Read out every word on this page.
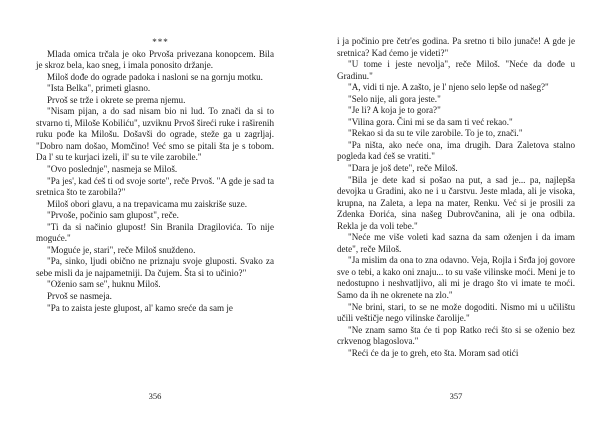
***

Mlada omica trčala je oko Prvoša privezana konopcem. Bila je skroz bela, kao sneg, i imala ponosito držanje.

Miloš dođe do ograde padoka i nasloni se na gornju motku.

"Ista Belka", primeti glasno.

Prvoš se trže i okrete se prema njemu.

"Nisam pijan, a do sad nisam bio ni lud. To znači da si to stvarno ti, Miloše Kobiliću", uzviknu Prvoš šireći ruke i raširenih ruku pođe ka Milošu. Došavši do ograde, steže ga u zagrljaj. "Dobro nam došao, Momčino! Već smo se pitali šta je s tobom. Da l' su te kurjaci izeli, il' su te vile zarobile."

"Ovo poslednje", nasmeja se Miloš.

"Pa jes', kad ćeš ti od svoje sorte", reče Prvoš. "A gde je sad ta sretnica što te zarobila?"

Miloš obori glavu, a na trepavicama mu zaiskriše suze.

"Prvoše, počinio sam glupost", reče.

"Ti da si načinio glupost! Sin Branila Dragilovića. To nije moguće."

"Moguće je, stari", reče Miloš snuždeno.

"Pa, sinko, ljudi obično ne priznaju svoje gluposti. Svako za sebe misli da je najpametniji. Da čujem. Šta si to učinio?"

"Oženio sam se", huknu Miloš.

Prvoš se nasmeja.

"Pa to zaista jeste glupost, al' kamo sreće da sam je

356

i ja počinio pre četr'es godina. Pa sretno ti bilo junače! A gde je sretnica? Kad ćemo je videti?"

"U tome i jeste nevolja", reče Miloš. "Neće da dođe u Gradinu."

"A, vidi ti nje. A zašto, je l' njeno selo lepše od našeg?"

"Selo nije, ali gora jeste."

"Je li? A koja je to gora?"

"Vilina gora. Čini mi se da sam ti već rekao."

"Rekao si da su te vile zarobile. To je to, znači."

"Pa ništa, ako neće ona, ima drugih. Dara Zaletova stalno pogleda kad ćeš se vratiti."

"Dara je još dete", reče Miloš.

"Bila je dete kad si pošao na put, a sad je... pa, najlepša devojka u Gradini, ako ne i u čarstvu. Jeste mlada, ali je visoka, krupna, na Zaleta, a lepa na mater, Renku. Već si je prosili za Zdenka Đorića, sina našeg Dubrovčanina, ali je ona odbila. Rekla je da voli tebe."

"Neće me više voleti kad sazna da sam oženjen i da imam dete", reče Miloš.

"Ja mislim da ona to zna odavno. Veja, Rojla i Srđa joj govore sve o tebi, a kako oni znaju... to su vaše vilinske moći. Meni je to nedostupno i neshvatljivo, ali mi je drago što vi imate te moći. Samo da ih ne okrenete na zlo."

"Ne brini, stari, to se ne može dogoditi. Nismo mi u učilištu učili veštičje nego vilinske čarolije."

"Ne znam samo šta će ti pop Ratko reći što si se oženio bez crkvenog blagoslova."

"Reći će da je to greh, eto šta. Moram sad otići

357
